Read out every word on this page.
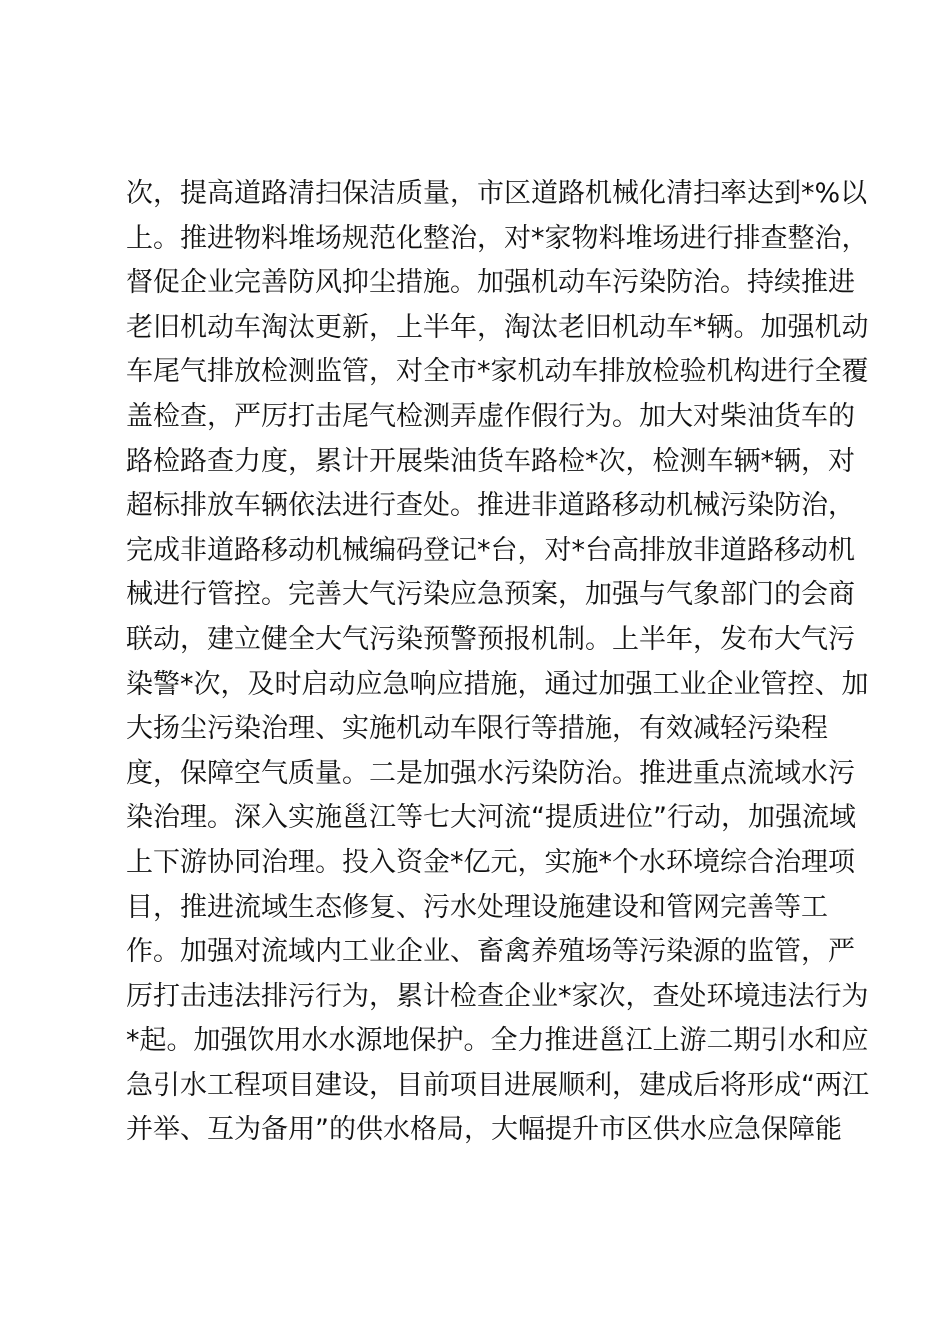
次，提高道路清扫保洁质量，市区道路机械化清扫率达到*%以
上。推进物料堆场规范化整治，对*家物料堆场进行排查整治，
督促企业完善防风抑尘措施。加强机动车污染防治。持续推进
老旧机动车淘汰更新，上半年，淘汰老旧机动车*辆。加强机动
车尾气排放检测监管，对全市*家机动车排放检验机构进行全覆
盖检查，严厉打击尾气检测弄虚作假行为。加大对柴油货车的
路检路查力度，累计开展柴油货车路检*次，检测车辆*辆，对
超标排放车辆依法进行查处。推进非道路移动机械污染防治，
完成非道路移动机械编码登记*台，对*台高排放非道路移动机
械进行管控。完善大气污染应急预案，加强与气象部门的会商
联动，建立健全大气污染预警预报机制。上半年，发布大气污
染警*次，及时启动应急响应措施，通过加强工业企业管控、加
大扬尘污染治理、实施机动车限行等措施，有效减轻污染程
度，保障空气质量。二是加强水污染防治。推进重点流域水污
染治理。深入实施邕江等七大河流“提质进位”行动，加强流域
上下游协同治理。投入资金*亿元，实施*个水环境综合治理项
目，推进流域生态修复、污水处理设施建设和管网完善等工
作。加强对流域内工业企业、畜禽养殖场等污染源的监管，严
厉打击违法排污行为，累计检查企业*家次，查处环境违法行为
*起。加强饮用水水源地保护。全力推进邕江上游二期引水和应
急引水工程项目建设，目前项目进展顺利，建成后将形成“两江
并举、互为备用”的供水格局，大幅提升市区供水应急保障能
